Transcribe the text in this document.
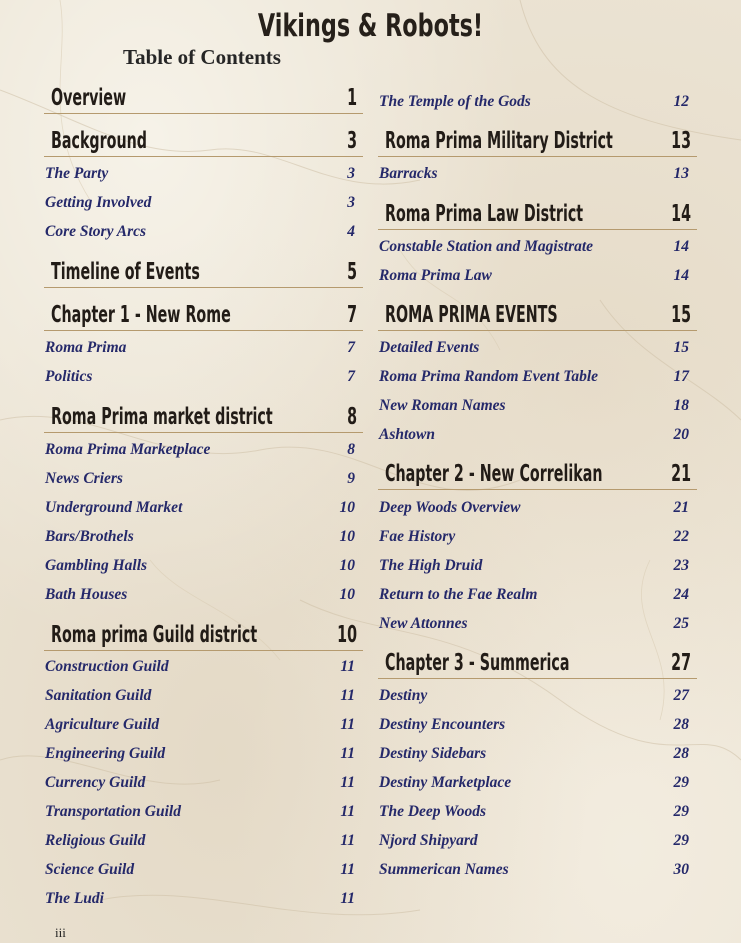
Vikings & Robots!
Table of Contents
Overview	1
Background	3
The Party	3
Getting Involved	3
Core Story Arcs	4
Timeline of Events	5
Chapter 1 - New Rome	7
Roma Prima	7
Politics	7
Roma Prima market district	8
Roma Prima Marketplace	8
News Criers	9
Underground Market	10
Bars/Brothels	10
Gambling Halls	10
Bath Houses	10
Roma prima Guild district	10
Construction Guild	11
Sanitation Guild	11
Agriculture Guild	11
Engineering Guild	11
Currency Guild	11
Transportation Guild	11
Religious Guild	11
Science Guild	11
The Ludi	11
The Temple of the Gods	12
Roma Prima Military District	13
Barracks	13
Roma Prima Law District	14
Constable Station and Magistrate	14
Roma Prima Law	14
ROMA PRIMA EVENTS	15
Detailed Events	15
Roma Prima Random Event Table	17
New Roman Names	18
Ashtown	20
Chapter 2 - New Correlikan	21
Deep Woods Overview	21
Fae History	22
The High Druid	23
Return to the Fae Realm	24
New Attonnes	25
Chapter 3 - Summerica	27
Destiny	27
Destiny Encounters	28
Destiny Sidebars	28
Destiny Marketplace	29
The Deep Woods	29
Njord Shipyard	29
Summerican Names	30
iii
